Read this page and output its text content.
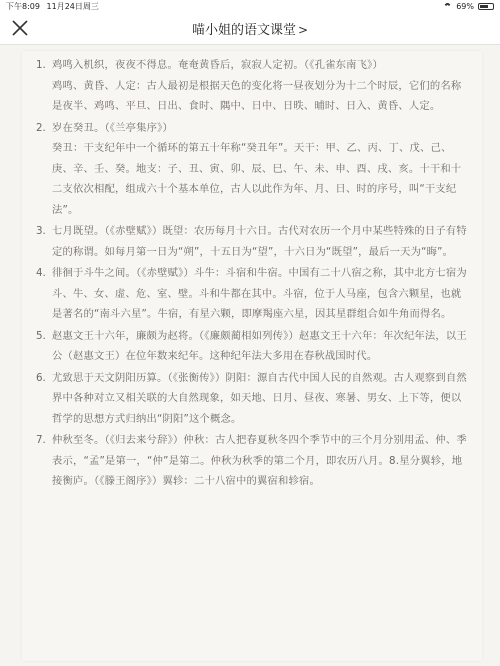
下午8:09 11月24日周三	69%
喵小姐的语文课堂 >
1. 鸡鸣入机织，夜夜不得息。奄奄黄昏后，寂寂人定初。（《孔雀东南飞》）

鸡鸣、黄昏、人定：古人最初是根据天色的变化将一昼夜划分为十二个时辰，它们的名称是夜半、鸡鸣、平旦、日出、食时、隅中、日中、日昳、晡时、日入、黄昏、人定。

2. 岁在癸丑。（《兰亭集序》）

癸丑：干支纪年中一个循环的第五十年称“癸丑年”。天干：甲、乙、丙、丁、戊、己、庚、辛、壬、癸。地支：子、丑、寅、卯、辰、巳、午、未、申、酉、戌、亥。十干和十二支依次相配，组成六十个基本单位，古人以此作为年、月、日、时的序号，叫“干支纪法”。

3. 七月既望。（《赤壁赋》）既望：农历每月十六日。古代对农历一个月中某些特殊的日子有特定的称谓。如每月第一日为“朔”，十五日为“望”，十六日为“既望”，最后一天为“晦”。
4. 徘徊于斗牛之间。（《赤壁赋》）斗牛：斗宿和牛宿。中国有二十八宿之称，其中北方七宿为斗、牛、女、虚、危、室、壁。斗和牛都在其中。斗宿，位于人马座，包含六颗星，也就是著名的“南斗六星”。牛宿，有星六颗，即摩羯座六星，因其星群组合如牛角而得名。
5. 赵惠文王十六年，廉颇为赵将。（《廉颇蔺相如列传》）赵惠文王十六年：年次纪年法，以王公（赵惠文王）在位年数来纪年。这种纪年法大多用在春秋战国时代。
6. 尤致思于天文阴阳历算。（《张衡传》）阴阳：源自古代中国人民的自然观。古人观察到自然界中各种对立又相关联的大自然现象，如天地、日月、昼夜、寒暑、男女、上下等，便以哲学的思想方式归纳出“阴阳”这个概念。
7. 仲秋至冬。（《归去来兮辞》）仲秋：古人把春夏秋冬四个季节中的三个月分别用孟、仲、季表示，“孟”是第一，“仲”是第二。仲秋为秋季的第二个月，即农历八月。8.星分翼轸，地接衡庐。（《滕王阁序》）翼轸：二十八宿中的翼宿和轸宿。
